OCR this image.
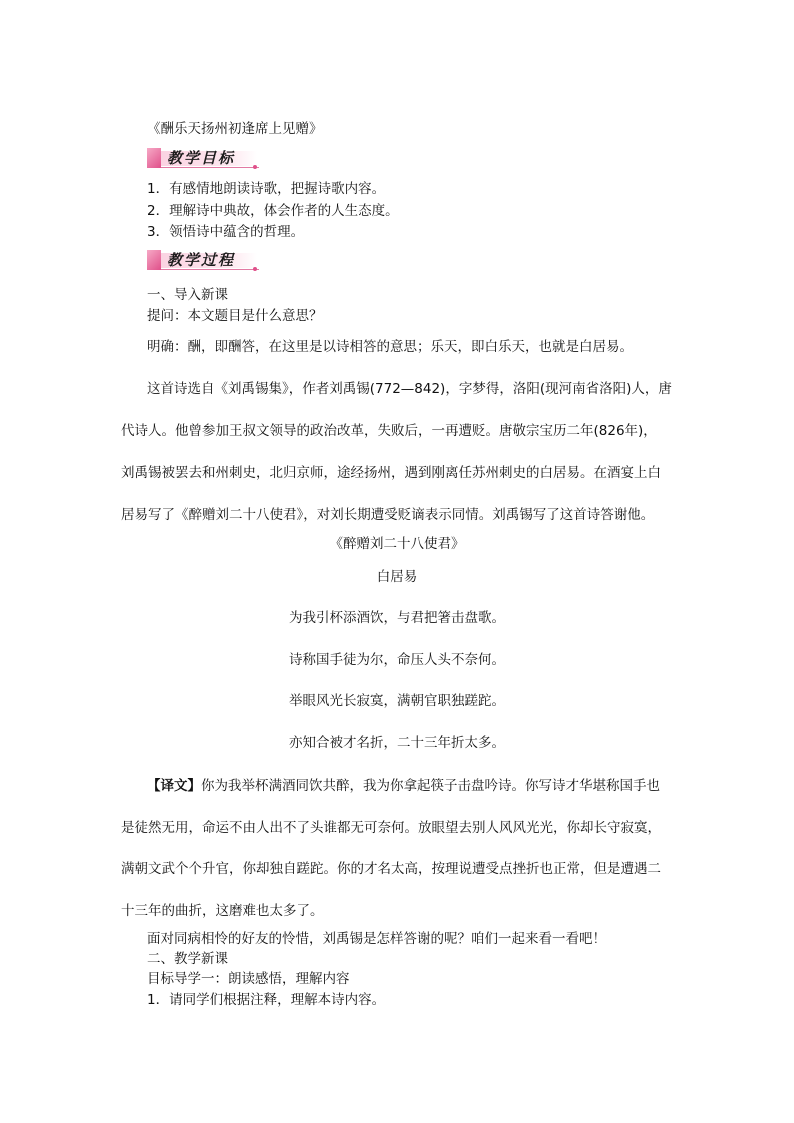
《酬乐天扬州初逢席上见赠》
教学目标
1．有感情地朗读诗歌，把握诗歌内容。
2．理解诗中典故，体会作者的人生态度。
3．领悟诗中蕴含的哲理。
教学过程
一、导入新课
提问：本文题目是什么意思？
明确：酬，即酬答，在这里是以诗相答的意思；乐天，即白乐天，也就是白居易。
这首诗选自《刘禹锡集》，作者刘禹锡(772—842)，字梦得，洛阳(现河南省洛阳)人，唐
代诗人。他曾参加王叔文领导的政治改革，失败后，一再遭贬。唐敬宗宝历二年(826年)，
刘禹锡被罢去和州刺史，北归京师，途经扬州，遇到刚离任苏州刺史的白居易。在酒宴上白
居易写了《醉赠刘二十八使君》，对刘长期遭受贬谪表示同情。刘禹锡写了这首诗答谢他。
《醉赠刘二十八使君》
白居易
为我引杯添酒饮，与君把箸击盘歌。
诗称国手徒为尔，命压人头不奈何。
举眼风光长寂寞，满朝官职独蹉跎。
亦知合被才名折，二十三年折太多。
【译文】你为我举杯满酒同饮共醉，我为你拿起筷子击盘吟诗。你写诗才华堪称国手也
是徒然无用，命运不由人出不了头谁都无可奈何。放眼望去别人风风光光，你却长守寂寞，
满朝文武个个升官，你却独自蹉跎。你的才名太高，按理说遭受点挫折也正常，但是遭遇二
十三年的曲折，这磨难也太多了。
面对同病相怜的好友的怜惜，刘禹锡是怎样答谢的呢？咱们一起来看一看吧！
二、教学新课
目标导学一：朗读感悟，理解内容
1．请同学们根据注释，理解本诗内容。
